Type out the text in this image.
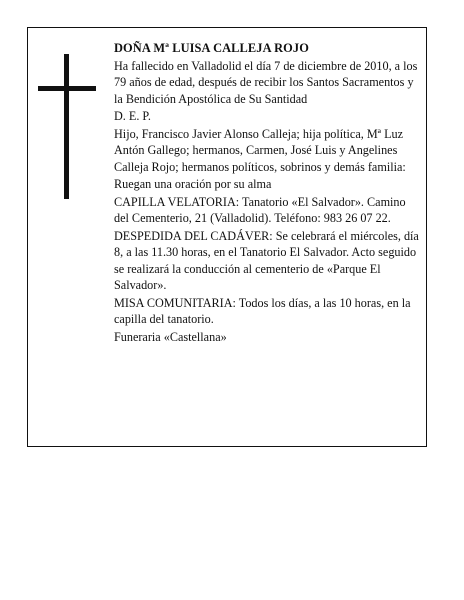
DOÑA Mª LUISA CALLEJA ROJO

Ha fallecido en Valladolid el día 7 de diciembre de 2010, a los 79 años de edad, después de recibir los Santos Sacramentos y la Bendición Apostólica de Su Santidad

D. E. P.

Hijo, Francisco Javier Alonso Calleja; hija política, Mª Luz Antón Gallego; hermanos, Carmen, José Luis y Angelines Calleja Rojo; hermanos políticos, sobrinos y demás familia:

Ruegan una oración por su alma

CAPILLA VELATORIA: Tanatorio «El Salvador». Camino del Cementerio, 21 (Valladolid). Teléfono: 983 26 07 22.

DESPEDIDA DEL CADÁVER: Se celebrará el miércoles, día 8, a las 11.30 horas, en el Tanatorio El Salvador. Acto seguido se realizará la conducción al cementerio de «Parque El Salvador».

MISA COMUNITARIA: Todos los días, a las 10 horas, en la capilla del tanatorio.

Funeraria «Castellana»
